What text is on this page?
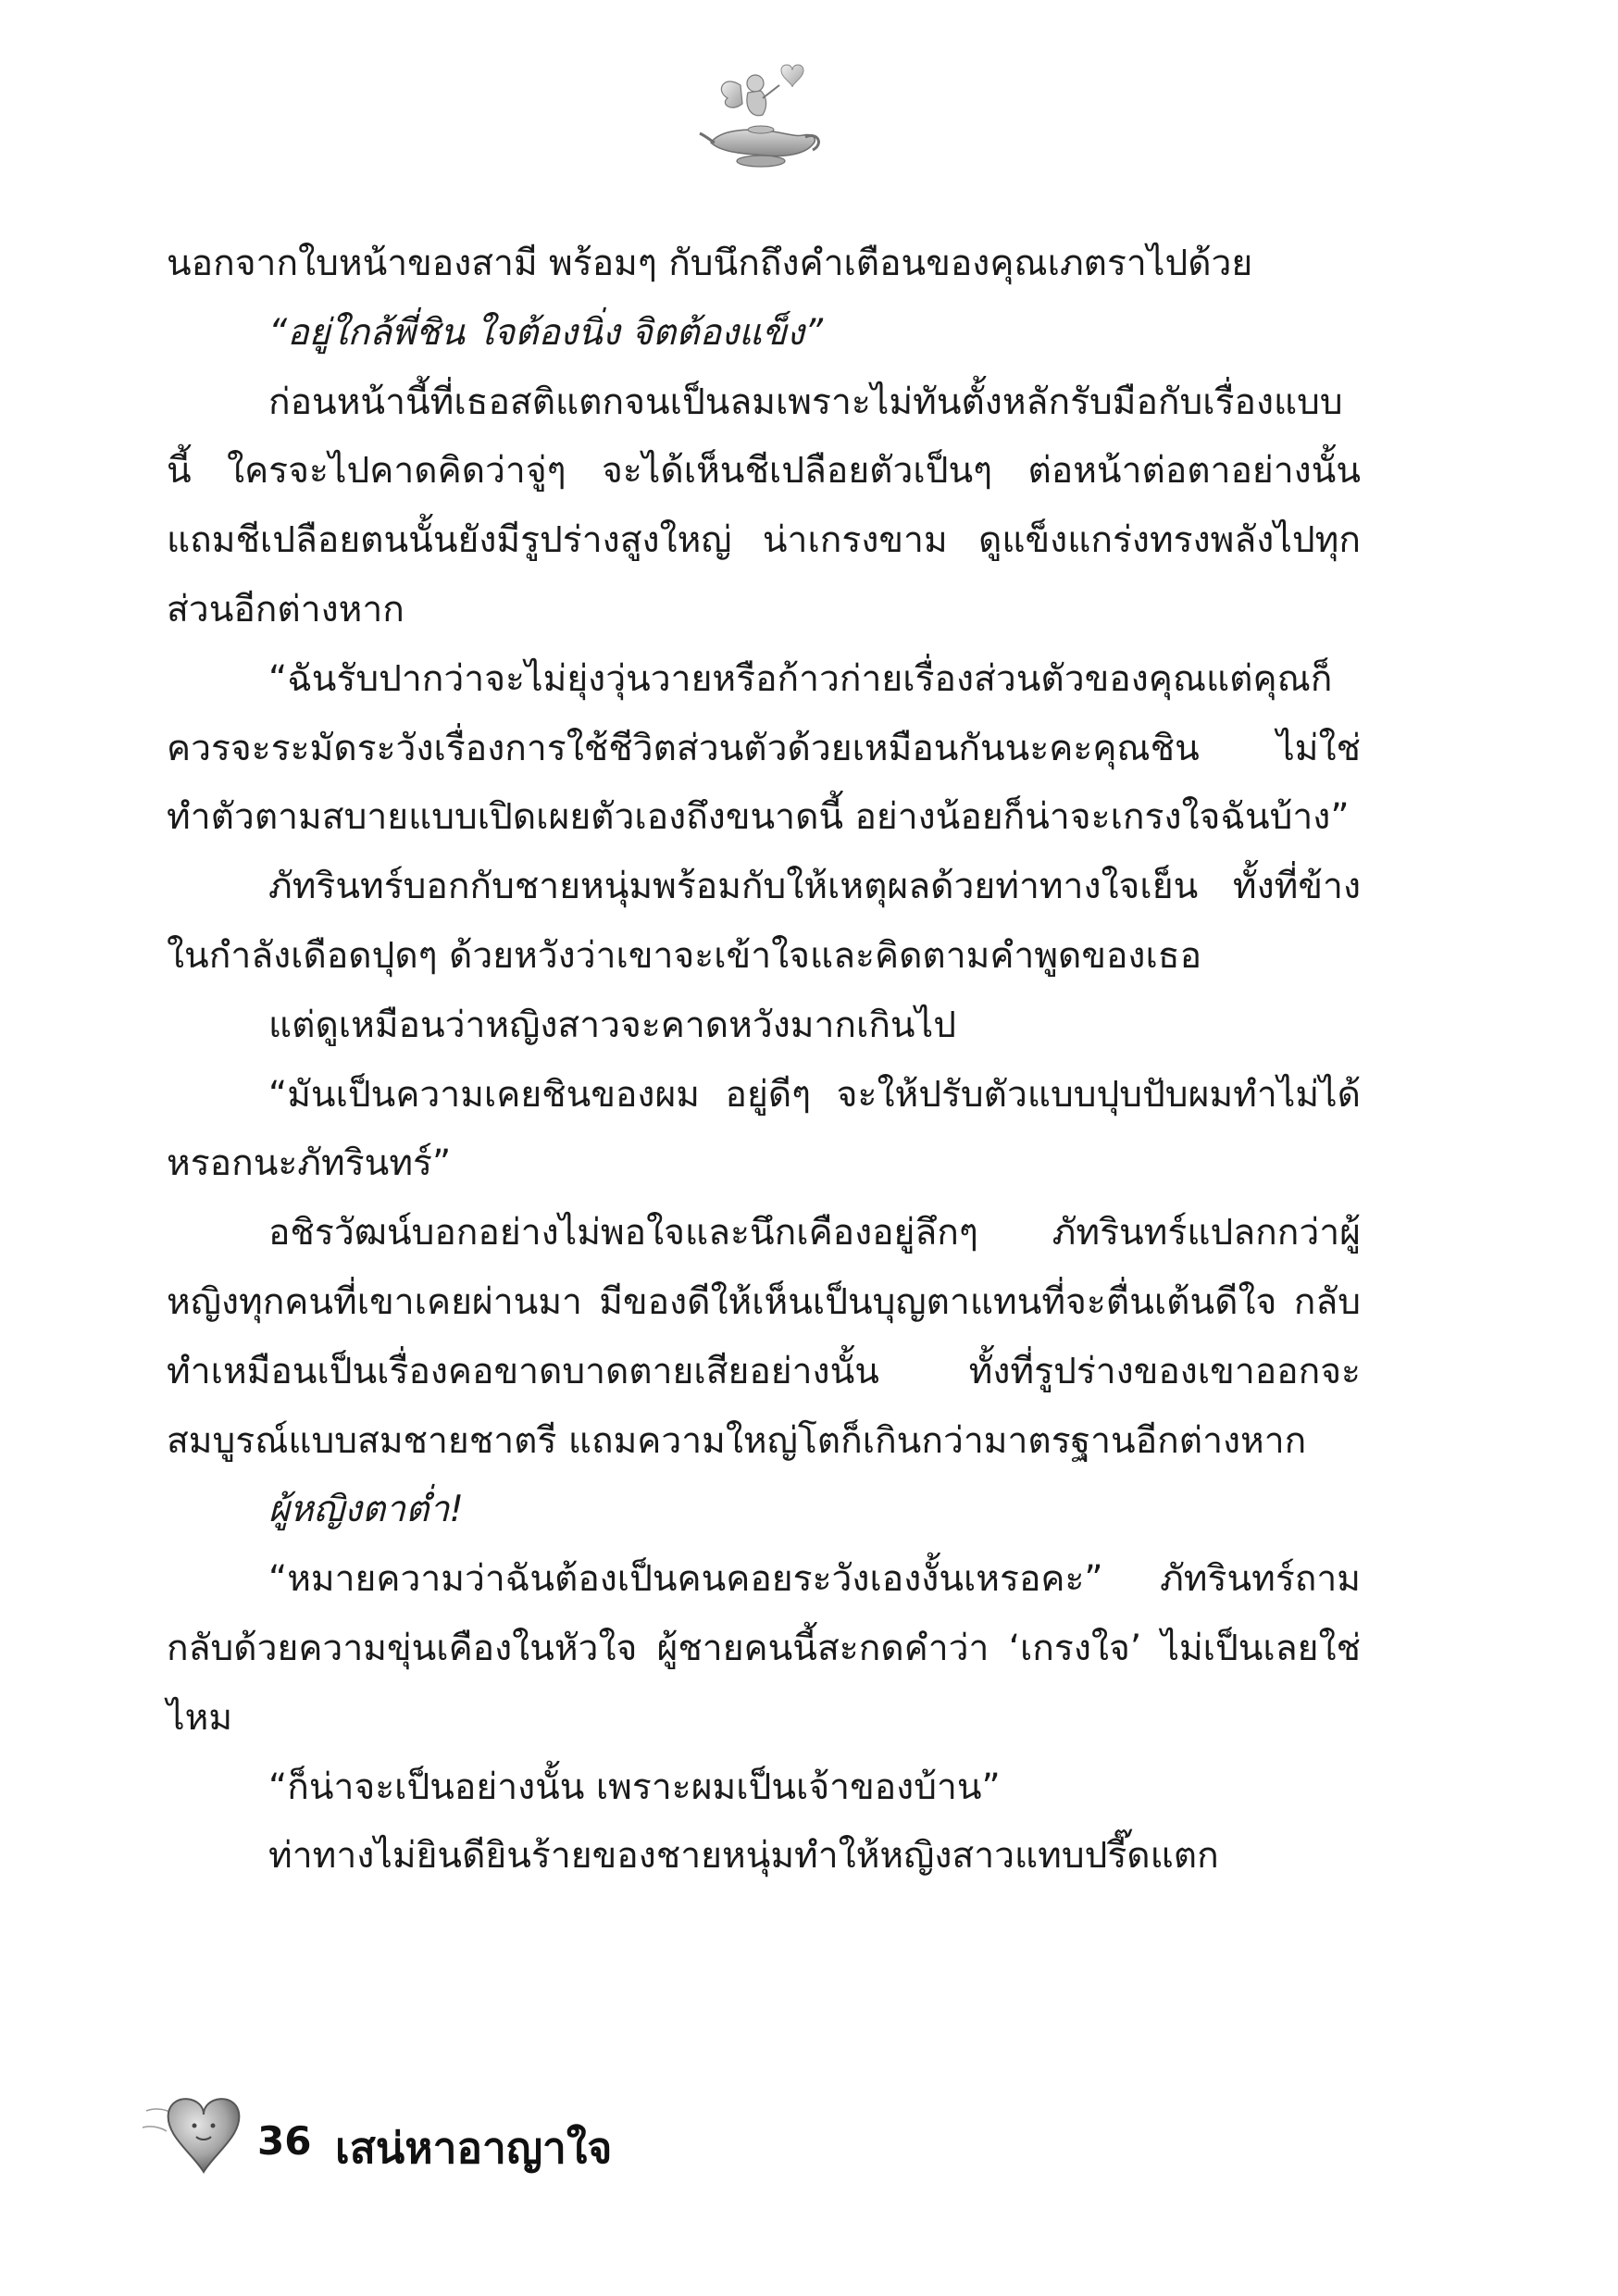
นอกจากใบหน้าของสามี พร้อมๆ กับนึกถึงคำเตือนของคุณเภตราไปด้วย

“อยู่ใกล้พี่ชิน ใจต้องนิ่ง จิตต้องแข็ง”

ก่อนหน้านี้ที่เธอสติแตกจนเป็นลมเพราะไม่ทันตั้งหลักรับมือกับเรื่องแบบนี้ ใครจะไปคาดคิดว่าจู่ๆ จะได้เห็นชีเปลือยตัวเป็นๆ ต่อหน้าต่อตาอย่างนั้น แถมชีเปลือยตนนั้นยังมีรูปร่างสูงใหญ่ น่าเกรงขาม ดูแข็งแกร่งทรงพลังไปทุกส่วนอีกต่างหาก

“ฉันรับปากว่าจะไม่ยุ่งวุ่นวายหรือก้าวก่ายเรื่องส่วนตัวของคุณแต่คุณก็ควรจะระมัดระวังเรื่องการใช้ชีวิตส่วนตัวด้วยเหมือนกันนะคะคุณชิน ไม่ใช่ทำตัวตามสบายแบบเปิดเผยตัวเองถึงขนาดนี้ อย่างน้อยก็น่าจะเกรงใจฉันบ้าง”

ภัทรินทร์บอกกับชายหนุ่มพร้อมกับให้เหตุผลด้วยท่าทางใจเย็น ทั้งที่ข้างในกำลังเดือดปุดๆ ด้วยหวังว่าเขาจะเข้าใจและคิดตามคำพูดของเธอ

แต่ดูเหมือนว่าหญิงสาวจะคาดหวังมากเกินไป

“มันเป็นความเคยชินของผม อยู่ดีๆ จะให้ปรับตัวแบบปุบปับผมทำไม่ได้หรอกนะภัทรินทร์”

อชิรวัฒน์บอกอย่างไม่พอใจและนึกเคืองอยู่ลึกๆ ภัทรินทร์แปลกกว่าผู้หญิงทุกคนที่เขาเคยผ่านมา มีของดีให้เห็นเป็นบุญตาแทนที่จะตื่นเต้นดีใจ กลับทำเหมือนเป็นเรื่องคอขาดบาดตายเสียอย่างนั้น ทั้งที่รูปร่างของเขาออกจะสมบูรณ์แบบสมชายชาตรี แถมความใหญ่โตก็เกินกว่ามาตรฐานอีกต่างหาก

ผู้หญิงตาต่ำ!

“หมายความว่าฉันต้องเป็นคนคอยระวังเองงั้นเหรอคะ” ภัทรินทร์ถามกลับด้วยความขุ่นเคืองในหัวใจ ผู้ชายคนนี้สะกดคำว่า ‘เกรงใจ’ ไม่เป็นเลยใช่ไหม

“ก็น่าจะเป็นอย่างนั้น เพราะผมเป็นเจ้าของบ้าน”

ท่าทางไม่ยินดียินร้ายของชายหนุ่มทำให้หญิงสาวแทบปรี๊ดแตก

36 เสน่หาอาญาใจ
